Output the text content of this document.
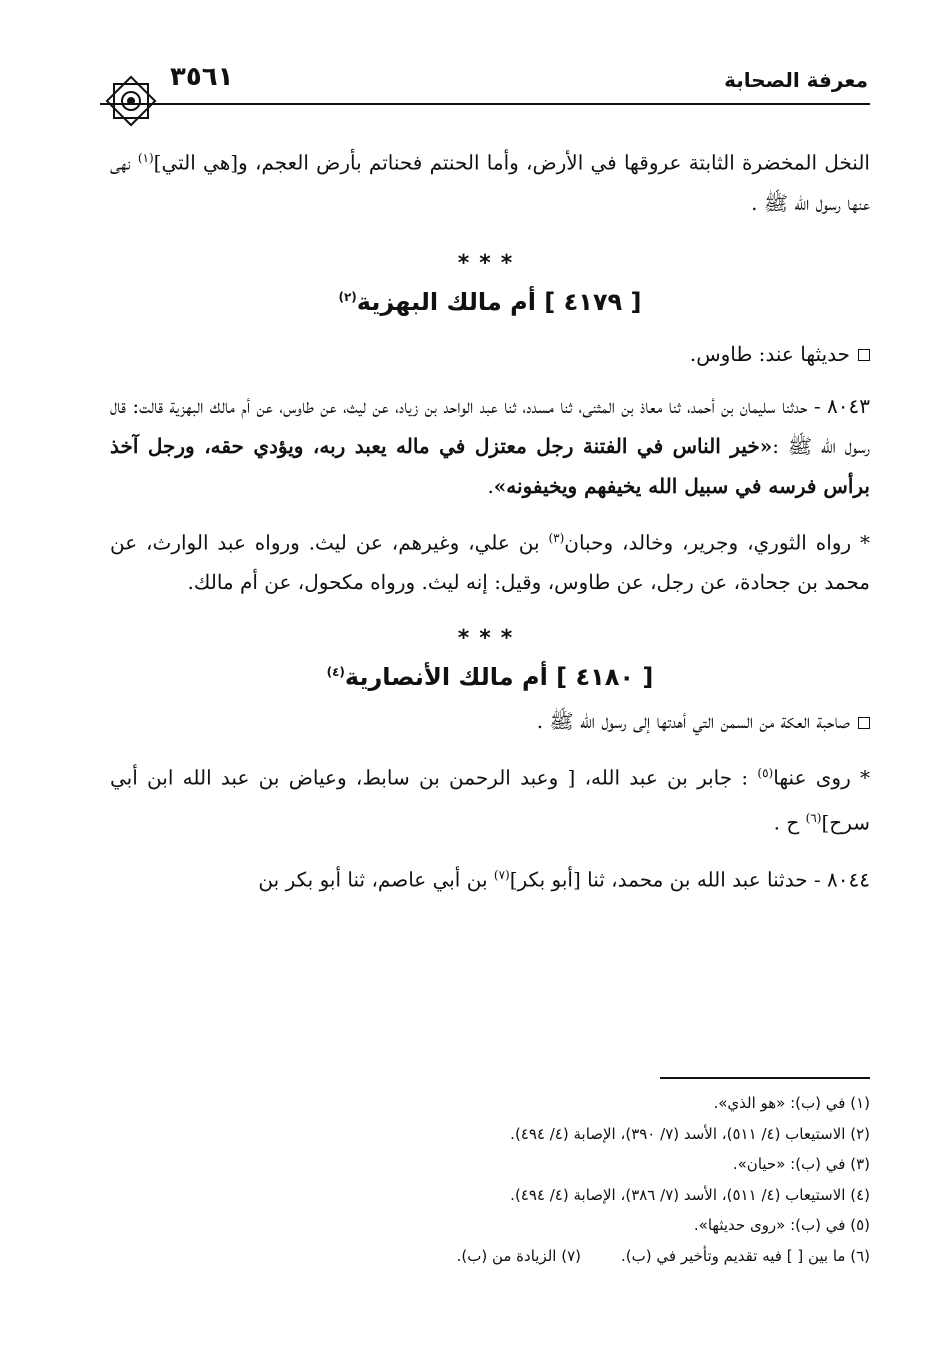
معرفة الصحابة
٣٥٦١

النخل المخضرة الثابتة عروقها في الأرض، وأما الحنتم فحناتم بأرض العجم، و[هي التي]$^{(١)}$ نهى عنها رسول الله ﷺ .

***
[ ٤١٧٩ ] أم مالك البهزية$^{(٢)}$

حديثها عند: طاوس.

٨٠٤٣ - حدثنا سليمان بن أحمد، ثنا معاذ بن المثنى، ثنا مسدد، ثنا عبد الواحد بن زياد، عن ليث، عن طاوس، عن أم مالك البهزية قالت: قال رسول الله ﷺ :«خير الناس في الفتنة رجل معتزل في ماله يعبد ربه، ويؤدي حقه، ورجل آخذ برأس فرسه في سبيل الله يخيفهم ويخيفونه».

* رواه الثوري، وجرير، وخالد، وحبان$^{(٣)}$ بن علي، وغيرهم، عن ليث. ورواه عبد الوارث، عن محمد بن جحادة، عن رجل، عن طاوس، وقيل: إنه ليث. ورواه مكحول، عن أم مالك.

***
[ ٤١٨٠ ] أم مالك الأنصارية$^{(٤)}$

صاحبة العكة من السمن التي أهدتها إلى رسول الله ﷺ .

* روى عنها$^{(٥)}$ : جابر بن عبد الله، [ وعبد الرحمن بن سابط، وعياض بن عبد الله ابن أبي سرح]$^{(٦)}$ ح .

٨٠٤٤ - حدثنا عبد الله بن محمد، ثنا [أبو بكر]$^{(٧)}$ بن أبي عاصم، ثنا أبو بكر بن

(١) في (ب): «هو الذي».
(٢) الاستيعاب (٤/ ٥١١)، الأسد (٧/ ٣٩٠)، الإصابة (٤/ ٤٩٤).
(٣) في (ب): «حيان».
(٤) الاستيعاب (٤/ ٥١١)، الأسد (٧/ ٣٨٦)، الإصابة (٤/ ٤٩٤).
(٥) في (ب): «روى حديثها».
(٦) ما بين [ ] فيه تقديم وتأخير في (ب).
(٧) الزيادة من (ب).
